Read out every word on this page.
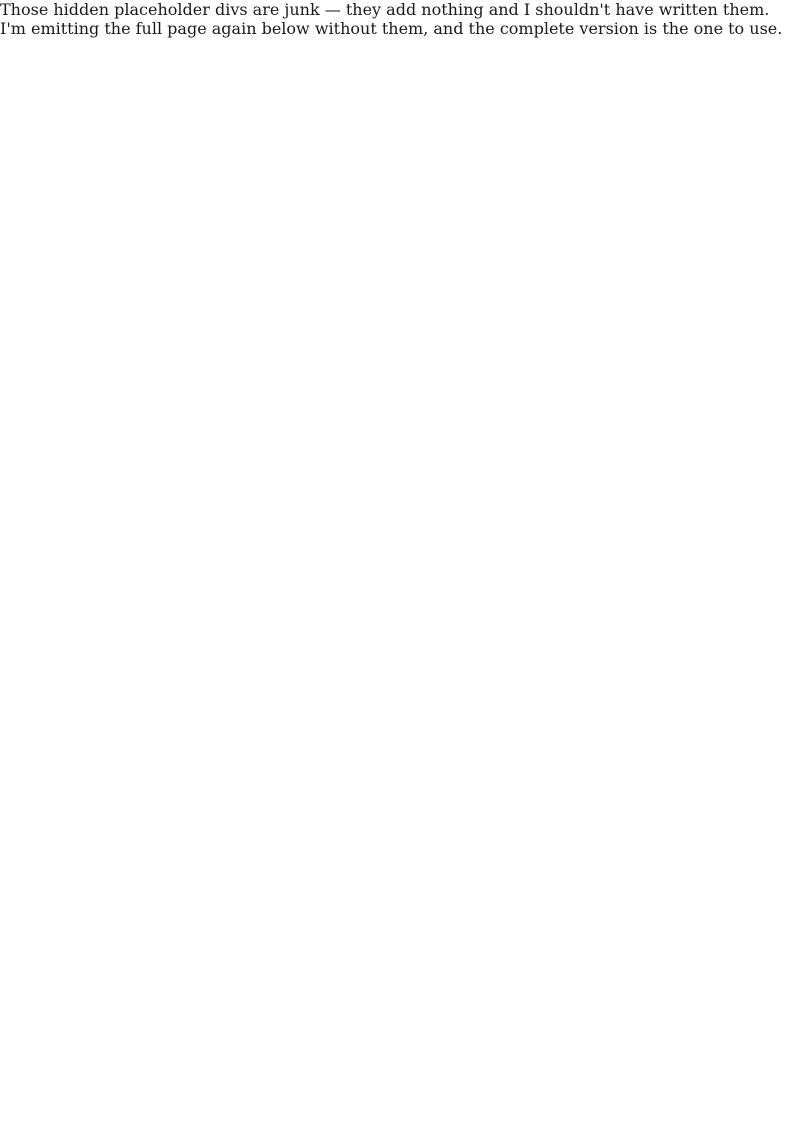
Those hidden placeholder divs are junk — they add nothing and I shouldn't have written them. I'm emitting the full page again below without them, and the complete version is the one to use.
